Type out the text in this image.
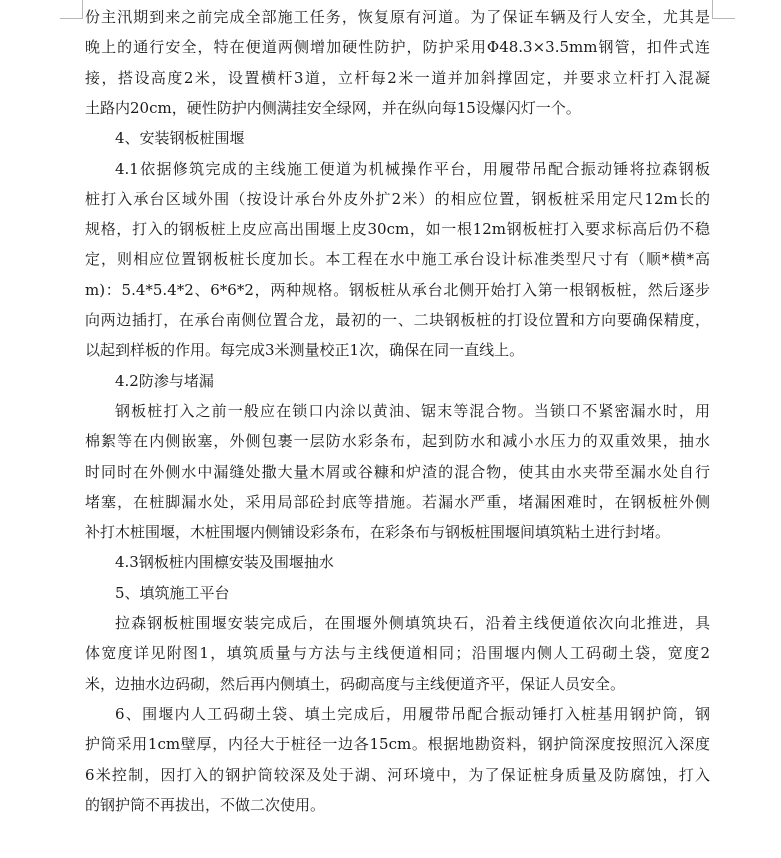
份主汛期到来之前完成全部施工任务，恢复原有河道。为了保证车辆及行人安全，尤其是
晚上的通行安全，特在便道两侧增加硬性防护，防护采用Φ48.3×3.5mm钢管，扣件式连
接，搭设高度2米，设置横杆3道，立杆每2米一道并加斜撑固定，并要求立杆打入混凝
土路内20cm，硬性防护内侧满挂安全绿网，并在纵向每15设爆闪灯一个。
4、安装钢板桩围堰
4.1依据修筑完成的主线施工便道为机械操作平台，用履带吊配合振动锤将拉森钢板
桩打入承台区域外围（按设计承台外皮外扩2米）的相应位置，钢板桩采用定尺12m长的
规格，打入的钢板桩上皮应高出围堰上皮30cm，如一根12m钢板桩打入要求标高后仍不稳
定，则相应位置钢板桩长度加长。本工程在水中施工承台设计标准类型尺寸有（顺*横*高
m)：5.4*5.4*2、6*6*2，两种规格。钢板桩从承台北侧开始打入第一根钢板桩，然后逐步
向两边插打，在承台南侧位置合龙，最初的一、二块钢板桩的打设位置和方向要确保精度，
以起到样板的作用。每完成3米测量校正1次，确保在同一直线上。
4.2防渗与堵漏
钢板桩打入之前一般应在锁口内涂以黄油、锯末等混合物。当锁口不紧密漏水时，用
棉絮等在内侧嵌塞，外侧包裹一层防水彩条布，起到防水和减小水压力的双重效果，抽水
时同时在外侧水中漏缝处撒大量木屑或谷糠和炉渣的混合物，使其由水夹带至漏水处自行
堵塞，在桩脚漏水处，采用局部砼封底等措施。若漏水严重，堵漏困难时，在钢板桩外侧
补打木桩围堰，木桩围堰内侧铺设彩条布，在彩条布与钢板桩围堰间填筑粘土进行封堵。
4.3钢板桩内围檩安装及围堰抽水
5、填筑施工平台
拉森钢板桩围堰安装完成后，在围堰外侧填筑块石，沿着主线便道依次向北推进，具
体宽度详见附图1，填筑质量与方法与主线便道相同；沿围堰内侧人工码砌土袋，宽度2
米，边抽水边码砌，然后再内侧填土，码砌高度与主线便道齐平，保证人员安全。
6、围堰内人工码砌土袋、填土完成后，用履带吊配合振动锤打入桩基用钢护筒，钢
护筒采用1cm壁厚，内径大于桩径一边各15cm。根据地勘资料，钢护筒深度按照沉入深度
6米控制，因打入的钢护筒较深及处于湖、河环境中，为了保证桩身质量及防腐蚀，打入
的钢护筒不再拔出，不做二次使用。
